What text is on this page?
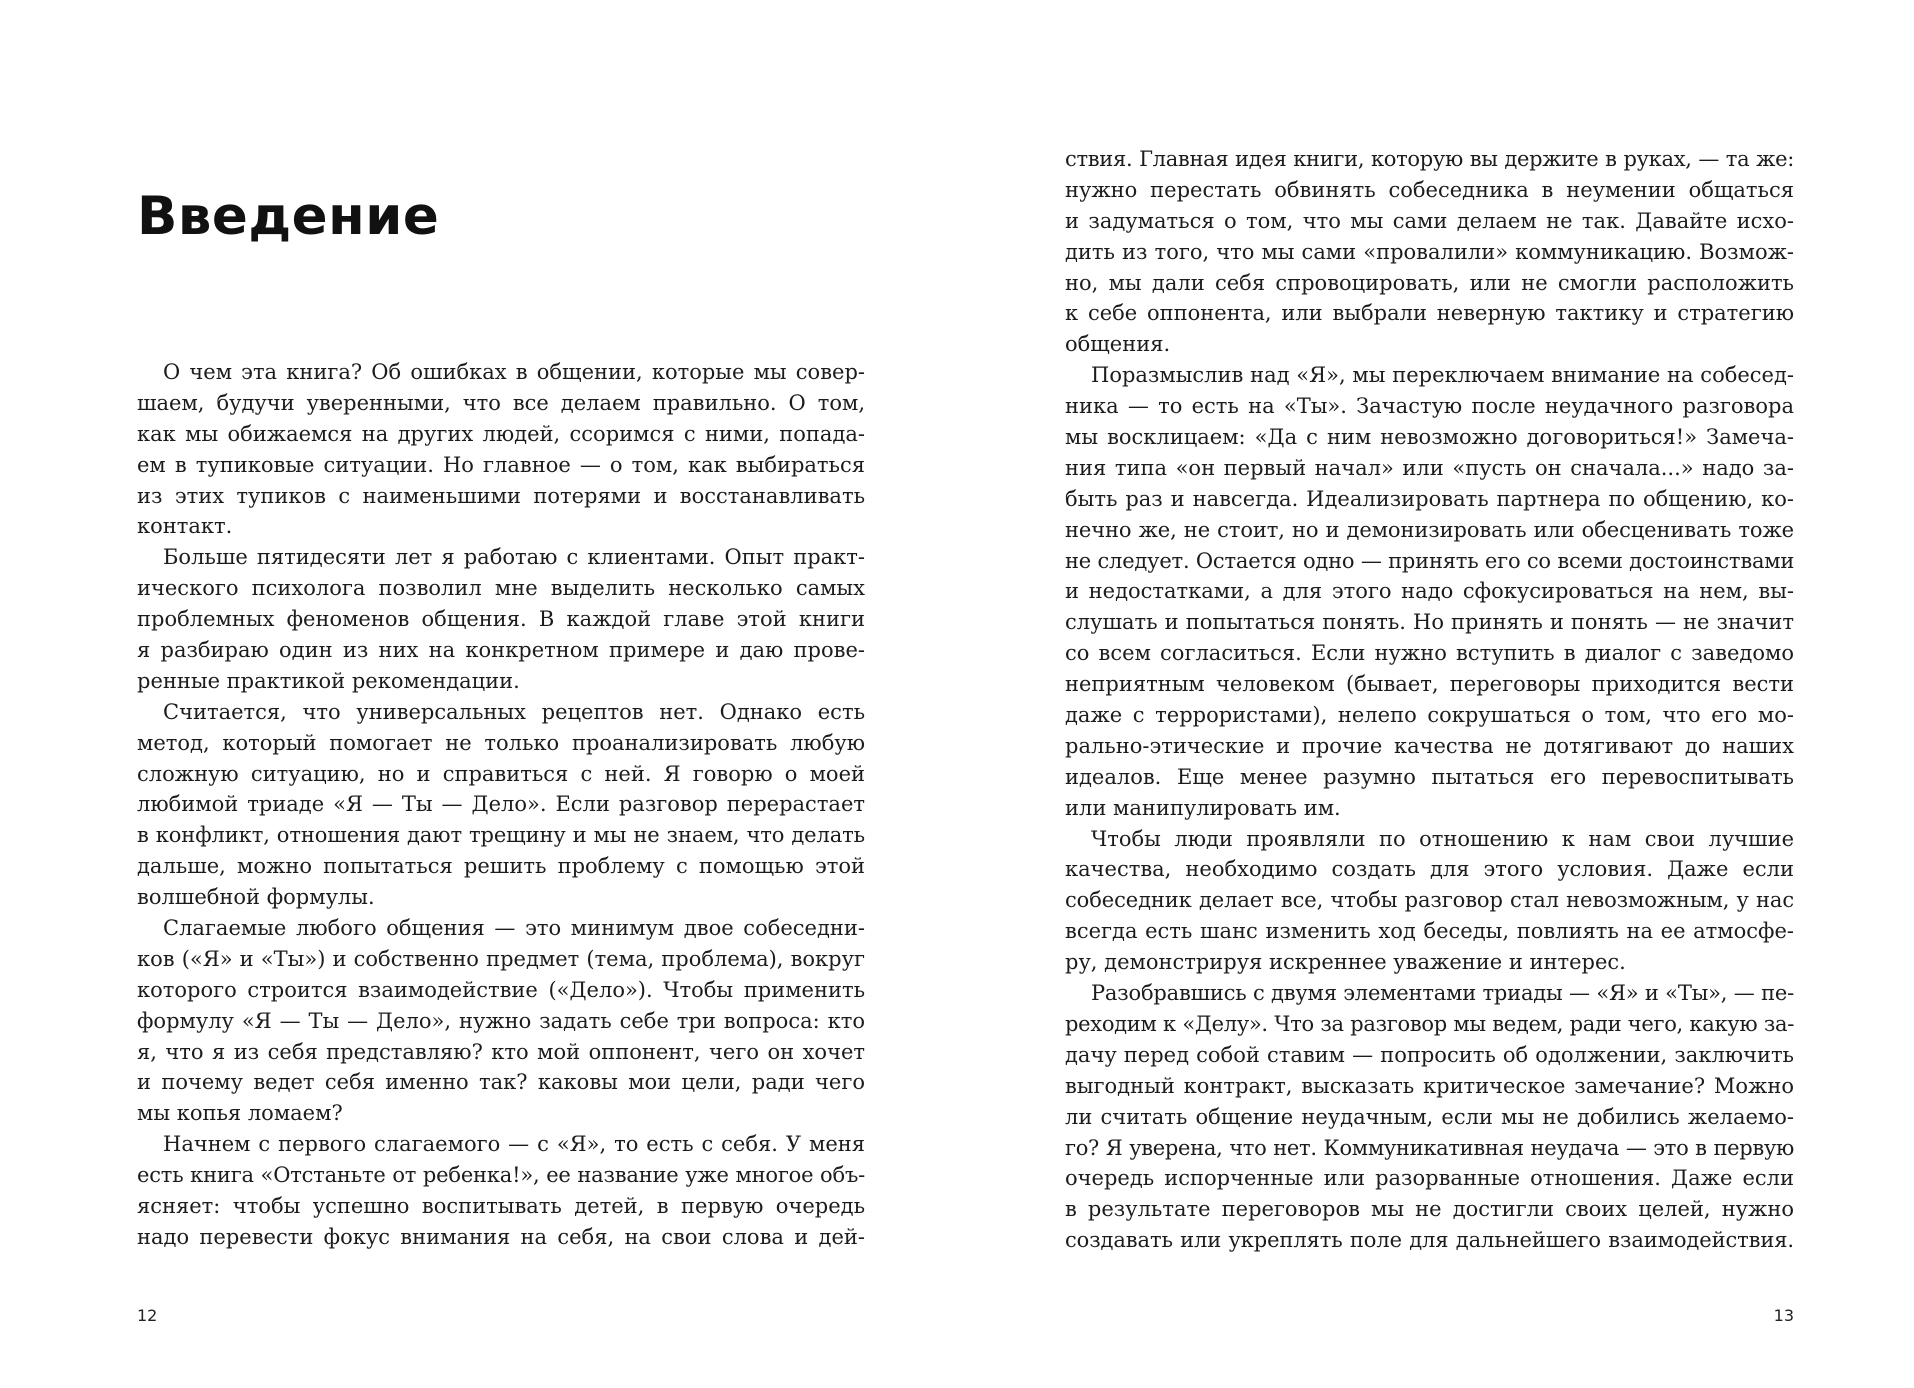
Введение
О чем эта книга? Об ошибках в общении, которые мы совер-
шаем, будучи уверенными, что все делаем правильно. О том,
как мы обижаемся на других людей, ссоримся с ними, попада-
ем в тупиковые ситуации. Но главное — о том, как выбираться
из этих тупиков с наименьшими потерями и восстанавливать
контакт.
Больше пятидесяти лет я работаю с клиентами. Опыт практ-
ического психолога позволил мне выделить несколько самых
проблемных феноменов общения. В каждой главе этой книги
я разбираю один из них на конкретном примере и даю прове-
ренные практикой рекомендации.
Считается, что универсальных рецептов нет. Однако есть
метод, который помогает не только проанализировать любую
сложную ситуацию, но и справиться с ней. Я говорю о моей
любимой триаде «Я — Ты — Дело». Если разговор перерастает
в конфликт, отношения дают трещину и мы не знаем, что делать
дальше, можно попытаться решить проблему с помощью этой
волшебной формулы.
Слагаемые любого общения — это минимум двое собеседни-
ков («Я» и «Ты») и собственно предмет (тема, проблема), вокруг
которого строится взаимодействие («Дело»). Чтобы применить
формулу «Я — Ты — Дело», нужно задать себе три вопроса: кто
я, что я из себя представляю? кто мой оппонент, чего он хочет
и почему ведет себя именно так? каковы мои цели, ради чего
мы копья ломаем?
Начнем с первого слагаемого — с «Я», то есть с себя. У меня
есть книга «Отстаньте от ребенка!», ее название уже многое объ-
ясняет: чтобы успешно воспитывать детей, в первую очередь
надо перевести фокус внимания на себя, на свои слова и дей-
12
ствия. Главная идея книги, которую вы держите в руках, — та же:
нужно перестать обвинять собеседника в неумении общаться
и задуматься о том, что мы сами делаем не так. Давайте исхо-
дить из того, что мы сами «провалили» коммуникацию. Возмож-
но, мы дали себя спровоцировать, или не смогли расположить
к себе оппонента, или выбрали неверную тактику и стратегию
общения.
Поразмыслив над «Я», мы переключаем внимание на собесед-
ника — то есть на «Ты». Зачастую после неудачного разговора
мы восклицаем: «Да с ним невозможно договориться!» Замеча-
ния типа «он первый начал» или «пусть он сначала...» надо за-
быть раз и навсегда. Идеализировать партнера по общению, ко-
нечно же, не стоит, но и демонизировать или обесценивать тоже
не следует. Остается одно — принять его со всеми достоинствами
и недостатками, а для этого надо сфокусироваться на нем, вы-
слушать и попытаться понять. Но принять и понять — не значит
со всем согласиться. Если нужно вступить в диалог с заведомо
неприятным человеком (бывает, переговоры приходится вести
даже с террористами), нелепо сокрушаться о том, что его мо-
рально-этические и прочие качества не дотягивают до наших
идеалов. Еще менее разумно пытаться его перевоспитывать
или манипулировать им.
Чтобы люди проявляли по отношению к нам свои лучшие
качества, необходимо создать для этого условия. Даже если
собеседник делает все, чтобы разговор стал невозможным, у нас
всегда есть шанс изменить ход беседы, повлиять на ее атмосфе-
ру, демонстрируя искреннее уважение и интерес.
Разобравшись с двумя элементами триады — «Я» и «Ты», — пе-
реходим к «Делу». Что за разговор мы ведем, ради чего, какую за-
дачу перед собой ставим — попросить об одолжении, заключить
выгодный контракт, высказать критическое замечание? Можно
ли считать общение неудачным, если мы не добились желаемо-
го? Я уверена, что нет. Коммуникативная неудача — это в первую
очередь испорченные или разорванные отношения. Даже если
в результате переговоров мы не достигли своих целей, нужно
создавать или укреплять поле для дальнейшего взаимодействия.
13
